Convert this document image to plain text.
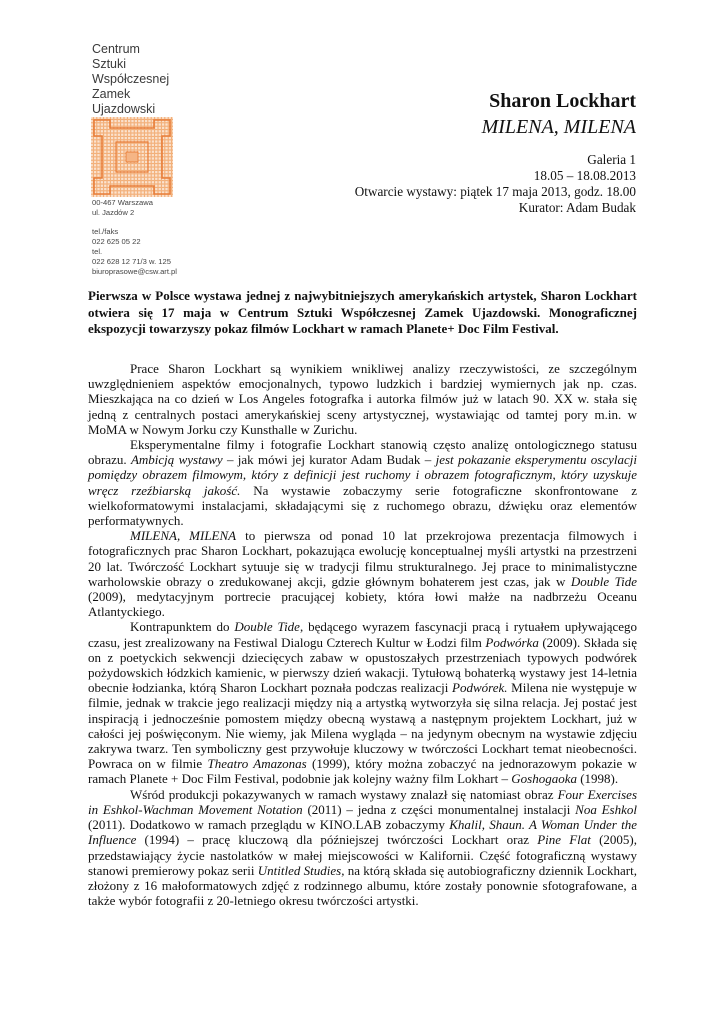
Centrum
Sztuki
Współczesnej
Zamek
Ujazdowski
00-467 Warszawa
ul. Jazdów 2

tel./faks
022 625 05 22
tel.
022 628 12 71/3 w. 125
biuroprasowe@csw.art.pl
Sharon Lockhart
MILENA, MILENA
Galeria 1
18.05 – 18.08.2013
Otwarcie wystawy: piątek 17 maja 2013, godz. 18.00
Kurator: Adam Budak
Pierwsza w Polsce wystawa jednej z najwybitniejszych amerykańskich artystek, Sharon Lockhart otwiera się 17 maja w Centrum Sztuki Współczesnej Zamek Ujazdowski. Monograficznej ekspozycji towarzyszy pokaz filmów Lockhart w ramach Planete+ Doc Film Festival.

Prace Sharon Lockhart są wynikiem wnikliwej analizy rzeczywistości, ze szczególnym uwzględnieniem aspektów emocjonalnych, typowo ludzkich i bardziej wymiernych jak np. czas. Mieszkająca na co dzień w Los Angeles fotografka i autorka filmów już w latach 90. XX w. stała się jedną z centralnych postaci amerykańskiej sceny artystycznej, wystawiając od tamtej pory m.in. w MoMA w Nowym Jorku czy Kunsthalle w Zurichu.

Eksperymentalne filmy i fotografie Lockhart stanowią często analizę ontologicznego statusu obrazu. Ambicją wystawy – jak mówi jej kurator Adam Budak – jest pokazanie eksperymentu oscylacji pomiędzy obrazem filmowym, który z definicji jest ruchomy i obrazem fotograficznym, który uzyskuje wręcz rzeźbiarską jakość. Na wystawie zobaczymy serie fotograficzne skonfrontowane z wielkoformatowymi instalacjami, składającymi się z ruchomego obrazu, dźwięku oraz elementów performatywnych.

MILENA, MILENA to pierwsza od ponad 10 lat przekrojowa prezentacja filmowych i fotograficznych prac Sharon Lockhart, pokazująca ewolucję konceptualnej myśli artystki na przestrzeni 20 lat. Twórczość Lockhart sytuuje się w tradycji filmu strukturalnego. Jej prace to minimalistyczne warholowskie obrazy o zredukowanej akcji, gdzie głównym bohaterem jest czas, jak w Double Tide (2009), medytacyjnym portrecie pracującej kobiety, która łowi małże na nadbrzeżu Oceanu Atlantyckiego.

Kontrapunktem do Double Tide, będącego wyrazem fascynacji pracą i rytuałem upływającego czasu, jest zrealizowany na Festiwal Dialogu Czterech Kultur w Łodzi film Podwórka (2009). Składa się on z poetyckich sekwencji dziecięcych zabaw w opustoszałych przestrzeniach typowych podwórek pożydowskich łódzkich kamienic, w pierwszy dzień wakacji. Tytułową bohaterką wystawy jest 14-letnia obecnie łodzianka, którą Sharon Lockhart poznała podczas realizacji Podwórek. Milena nie występuje w filmie, jednak w trakcie jego realizacji między nią a artystką wytworzyła się silna relacja. Jej postać jest inspiracją i jednocześnie pomostem między obecną wystawą a następnym projektem Lockhart, już w całości jej poświęconym. Nie wiemy, jak Milena wygląda – na jedynym obecnym na wystawie zdjęciu zakrywa twarz. Ten symboliczny gest przywołuje kluczowy w twórczości Lockhart temat nieobecności. Powraca on w filmie Theatro Amazonas (1999), który można zobaczyć na jednorazowym pokazie w ramach Planete + Doc Film Festival, podobnie jak kolejny ważny film Lokhart – Goshogaoka (1998).

Wśród produkcji pokazywanych w ramach wystawy znalazł się natomiast obraz Four Exercises in Eshkol-Wachman Movement Notation (2011) – jedna z części monumentalnej instalacji Noa Eshkol (2011). Dodatkowo w ramach przeglądu w KINO.LAB zobaczymy Khalil, Shaun. A Woman Under the Influence (1994) – pracę kluczową dla późniejszej twórczości Lockhart oraz Pine Flat (2005), przedstawiający życie nastolatków w małej miejscowości w Kalifornii. Część fotograficzną wystawy stanowi premierowy pokaz serii Untitled Studies, na którą składa się autobiograficzny dziennik Lockhart, złożony z 16 małoformatowych zdjęć z rodzinnego albumu, które zostały ponownie sfotografowane, a także wybór fotografii z 20-letniego okresu twórczości artystki.
